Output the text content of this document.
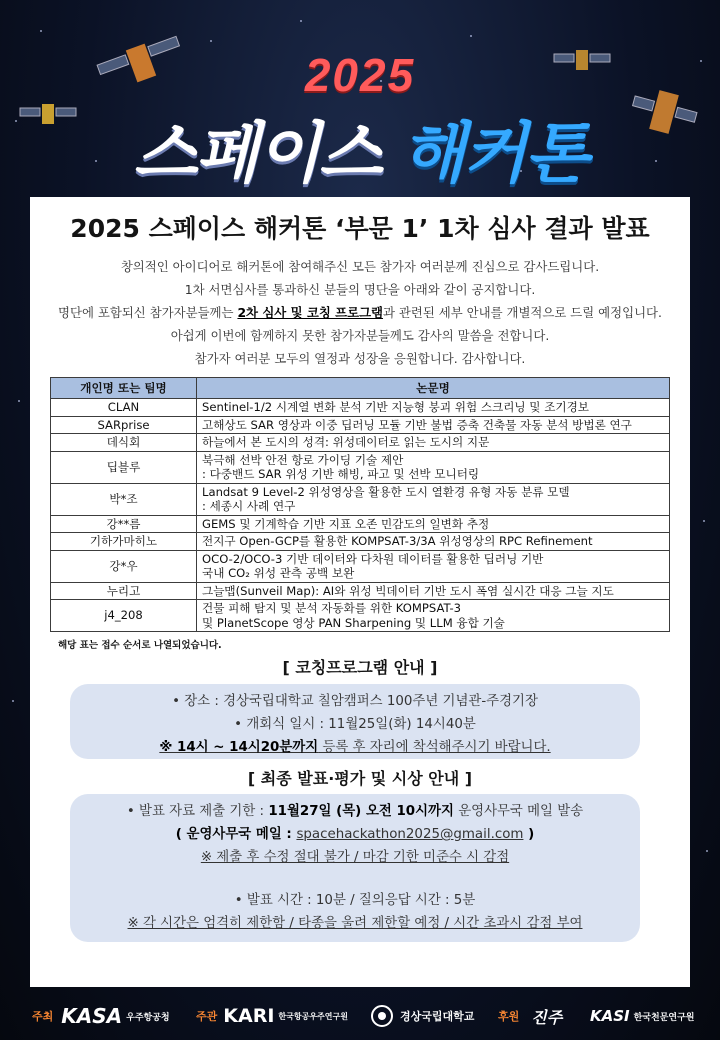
2025
스페이스 해커톤
2025 스페이스 해커톤 ‘부문 1’ 1차 심사 결과 발표
창의적인 아이디어로 해커톤에 참여해주신 모든 참가자 여러분께 진심으로 감사드립니다.
1차 서면심사를 통과하신 분들의 명단을 아래와 같이 공지합니다.
명단에 포함되신 참가자분들께는 2차 심사 및 코칭 프로그램과 관련된 세부 안내를 개별적으로 드릴 예정입니다.
아쉽게 이번에 함께하지 못한 참가자분들께도 감사의 말씀을 전합니다.
참가자 여러분 모두의 열정과 성장을 응원합니다. 감사합니다.
개인명 또는 팀명	논문명
CLAN	Sentinel-1/2 시계열 변화 분석 기반 지능형 붕괴 위험 스크리닝 및 조기경보

SARprise	고해상도 SAR 영상과 이중 딥러닝 모듈 기반 불법 증축 건축물 자동 분석 방법론 연구

데식회	하늘에서 본 도시의 성격: 위성데이터로 읽는 도시의 지문

딥블루	북극해 선박 안전 항로 가이딩 기술 제안
: 다중밴드 SAR 위성 기반 해빙, 파고 및 선박 모니터링

박*조	Landsat 9 Level-2 위성영상을 활용한 도시 열환경 유형 자동 분류 모델
: 세종시 사례 연구

강**름	GEMS 및 기계학습 기반 지표 오존 민감도의 일변화 추정

기하가마히노	전지구 Open-GCP를 활용한 KOMPSAT-3/3A 위성영상의 RPC Refinement

강*우	OCO-2/OCO-3 기반 데이터와 다차원 데이터를 활용한 딥러닝 기반
국내 CO₂ 위성 관측 공백 보완

누리고	그늘맵(Sunveil Map): AI와 위성 빅데이터 기반 도시 폭염 실시간 대응 그늘 지도

j4_208	건물 피해 탐지 및 분석 자동화를 위한 KOMPSAT-3
및 PlanetScope 영상 PAN Sharpening 및 LLM 융합 기술
해당 표는 접수 순서로 나열되었습니다.
[ 코칭프로그램 안내 ]
• 장소 : 경상국립대학교 칠암캠퍼스 100주년 기념관-주경기장
• 개회식 일시 : 11월25일(화) 14시40분
※ 14시 ~ 14시20분까지 등록 후 자리에 착석해주시기 바랍니다.
[ 최종 발표·평가 및 시상 안내 ]
• 발표 자료 제출 기한 : 11월27일 (목) 오전 10시까지 운영사무국 메일 발송
( 운영사무국 메일 : spacehackathon2025@gmail.com )
※ 제출 후 수정 절대 불가 / 마감 기한 미준수 시 감점
• 발표 시간 : 10분 / 질의응답 시간 : 5분
※ 각 시간은 엄격히 제한함 / 타종을 울려 제한할 예정 / 시간 초과시 감점 부여
주최 KASA 우주항공청 주관 KARI 한국항공우주연구원	경상국립대학교 후원 진주 KASI 한국천문연구원
